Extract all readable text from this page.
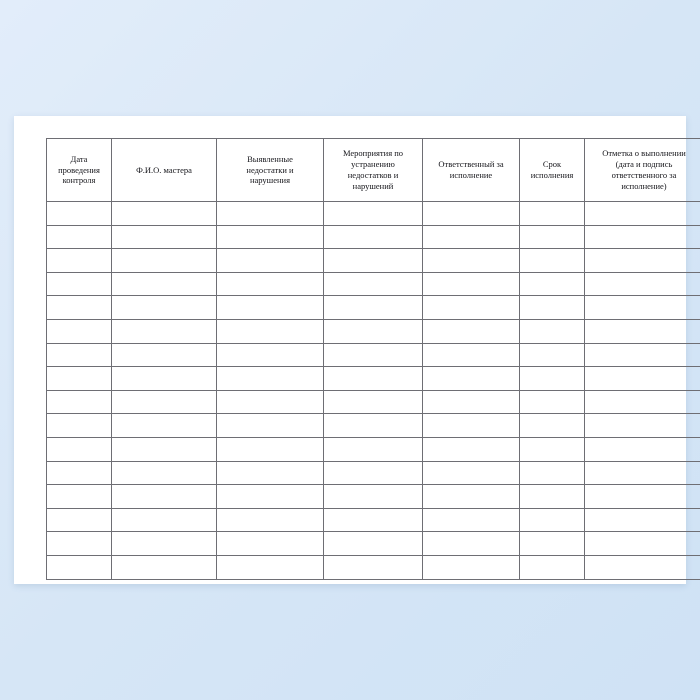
Дата
проведения
контроля	Ф.И.О. мастера	Выявленные
недостатки и
нарушения	Мероприятия по
устранению
недостатков и
нарушений	Ответственный за
исполнение	Срок
исполнения	Отметка о выполнении
(дата и подпись
ответственного за
исполнение)
